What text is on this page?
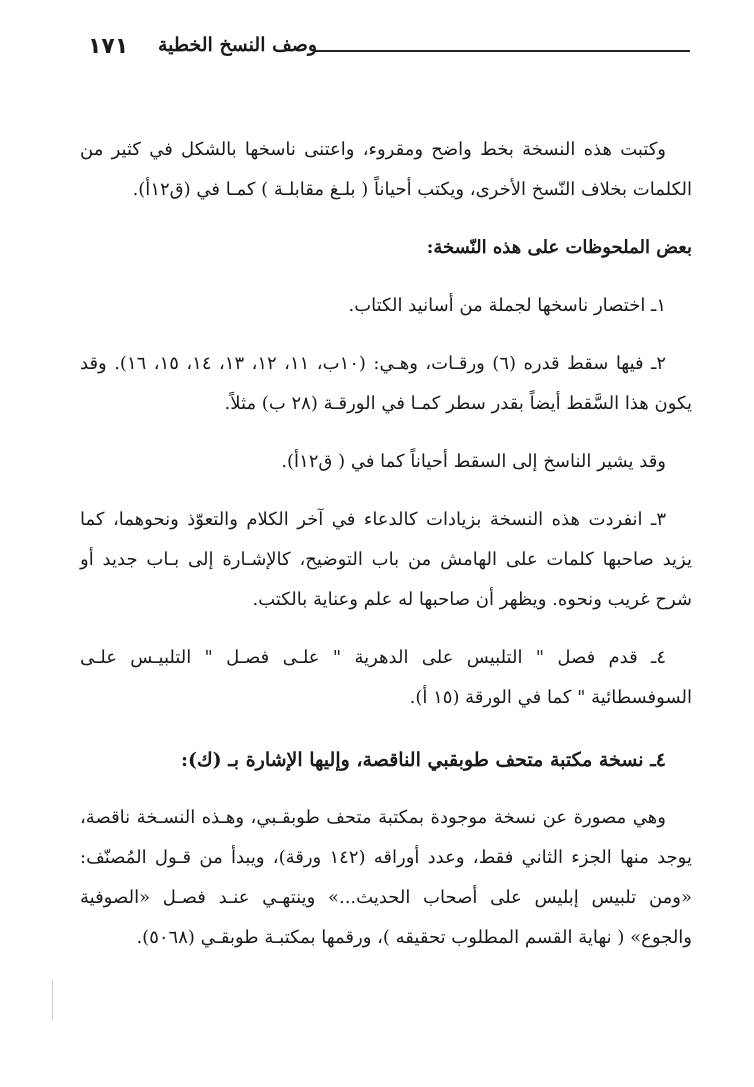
١٧١ وصف النسخ الخطية

وكتبت هذه النسخة بخط واضح ومقروء، واعتنى ناسخها بالشكل في كثير من الكلمات بخلاف النّسخ الأخرى، ويكتب أحياناً ( بلـغ مقابلـة ) كمـا في (ق١٢أ).

بعض الملحوظات على هذه النّسخة:

١ـ اختصار ناسخها لجملة من أسانيد الكتاب.

٢ـ فيها سقط قدره (٦) ورقـات، وهـي: (١٠ب، ١١، ١٢، ١٣، ١٤، ١٥، ١٦). وقد يكون هذا السَّقط أيضاً بقدر سطر كمـا في الورقـة (٢٨ ب) مثلاً.

وقد يشير الناسخ إلى السقط أحياناً كما في ( ق١٢أ).

٣ـ انفردت هذه النسخة بزيادات كالدعاء في آخر الكلام والتعوّذ ونحوهما، كما يزيد صاحبها كلمات على الهامش من باب التوضيح، كالإشـارة إلى بـاب جديد أو شرح غريب ونحوه. ويظهر أن صاحبها له علم وعناية بالكتب.

٤ـ قدم فصل " التلبيس على الدهرية " علـى فصـل " التلبيـس علـى السوفسطائية " كما في الورقة (١٥ أ).

٤ـ نسخة مكتبة متحف طوبقبي الناقصة، وإليها الإشارة بـ (ك):

وهي مصورة عن نسخة موجودة بمكتبة متحف طوبقـبي، وهـذه النسـخة ناقصة، يوجد منها الجزء الثاني فقط، وعدد أوراقه (١٤٢ ورقة)، ويبدأ من قـول المُصنّف: «ومن تلبيس إبليس على أصحاب الحديث...» وينتهـي عنـد فصـل «الصوفية والجوع» ( نهاية القسم المطلوب تحقيقه )، ورقمها بمكتبـة طوبقـي (٥٠٦٨).
